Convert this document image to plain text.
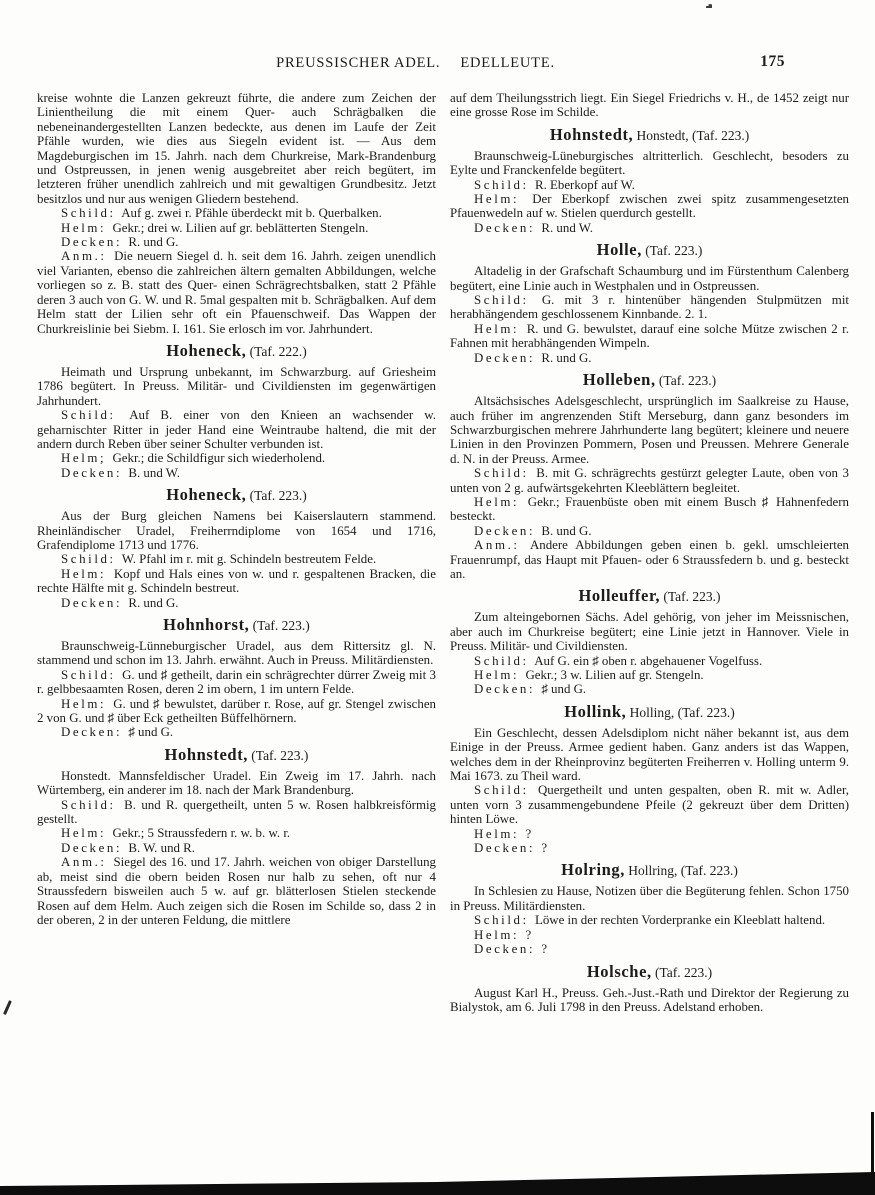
PREUSSISCHER ADEL. EDELLEUTE.	175

kreise wohnte die Lanzen gekreuzt führte, die andere zum Zeichen der Linientheilung die mit einem Quer- auch Schrägbalken die nebeneinandergestellten Lanzen bedeckte, aus denen im Laufe der Zeit Pfähle wurden, wie dies aus Siegeln evident ist. — Aus dem Magdeburgischen im 15. Jahrh. nach dem Churkreise, Mark-Brandenburg und Ostpreussen, in jenen wenig ausgebreitet aber reich begütert, im letzteren früher unendlich zahlreich und mit gewaltigen Grundbesitz. Jetzt besitzlos und nur aus wenigen Gliedern bestehend.

Schild: Auf g. zwei r. Pfähle überdeckt mit b. Querbalken.

Helm: Gekr.; drei w. Lilien auf gr. beblätterten Stengeln.

Decken: R. und G.

Anm.: Die neuern Siegel d. h. seit dem 16. Jahrh. zeigen unendlich viel Varianten, ebenso die zahlreichen ältern gemalten Abbildungen, welche vorliegen so z. B. statt des Quer- einen Schrägrechtsbalken, statt 2 Pfähle deren 3 auch von G. W. und R. 5mal gespalten mit b. Schrägbalken. Auf dem Helm statt der Lilien sehr oft ein Pfauenschweif. Das Wappen der Churkreislinie bei Siebm. I. 161. Sie erlosch im vor. Jahrhundert.

Hoheneck, (Taf. 222.)

Heimath und Ursprung unbekannt, im Schwarzburg. auf Griesheim 1786 begütert. In Preuss. Militär- und Civildiensten im gegenwärtigen Jahrhundert.

Schild: Auf B. einer von den Knieen an wachsender w. geharnischter Ritter in jeder Hand eine Weintraube haltend, die mit der andern durch Reben über seiner Schulter verbunden ist.

Helm; Gekr.; die Schildfigur sich wiederholend.

Decken: B. und W.

Hoheneck, (Taf. 223.)

Aus der Burg gleichen Namens bei Kaiserslautern stammend. Rheinländischer Uradel, Freiherrndiplome von 1654 und 1716, Grafendiplome 1713 und 1776.

Schild: W. Pfahl im r. mit g. Schindeln bestreutem Felde.

Helm: Kopf und Hals eines von w. und r. gespaltenen Bracken, die rechte Hälfte mit g. Schindeln bestreut.

Decken: R. und G.

Hohnhorst, (Taf. 223.)

Braunschweig-Lünneburgischer Uradel, aus dem Rittersitz gl. N. stammend und schon im 13. Jahrh. erwähnt. Auch in Preuss. Militärdiensten.

Schild: G. und ♯ getheilt, darin ein schrägrechter dürrer Zweig mit 3 r. gelbbesaamten Rosen, deren 2 im obern, 1 im untern Felde.

Helm: G. und ♯ bewulstet, darüber r. Rose, auf gr. Stengel zwischen 2 von G. und ♯ über Eck getheilten Büffelhörnern.

Decken: ♯ und G.

Hohnstedt, (Taf. 223.)

Honstedt. Mannsfeldischer Uradel. Ein Zweig im 17. Jahrh. nach Würtemberg, ein anderer im 18. nach der Mark Brandenburg.

Schild: B. und R. quergetheilt, unten 5 w. Rosen halbkreisförmig gestellt.

Helm: Gekr.; 5 Straussfedern r. w. b. w. r.

Decken: B. W. und R.

Anm.: Siegel des 16. und 17. Jahrh. weichen von obiger Darstellung ab, meist sind die obern beiden Rosen nur halb zu sehen, oft nur 4 Straussfedern bisweilen auch 5 w. auf gr. blätterlosen Stielen steckende Rosen auf dem Helm. Auch zeigen sich die Rosen im Schilde so, dass 2 in der oberen, 2 in der unteren Feldung, die mittlere

auf dem Theilungsstrich liegt. Ein Siegel Friedrichs v. H., de 1452 zeigt nur eine grosse Rose im Schilde.

Hohnstedt, Honstedt, (Taf. 223.)

Braunschweig-Lüneburgisches altritterlich. Geschlecht, besoders zu Eylte und Franckenfelde begütert.

Schild: R. Eberkopf auf W.

Helm: Der Eberkopf zwischen zwei spitz zusammengesetzten Pfauenwedeln auf w. Stielen querdurch gestellt.

Decken: R. und W.

Holle, (Taf. 223.)

Altadelig in der Grafschaft Schaumburg und im Fürstenthum Calenberg begütert, eine Linie auch in Westphalen und in Ostpreussen.

Schild: G. mit 3 r. hintenüber hängenden Stulpmützen mit herabhängendem geschlossenem Kinnbande. 2. 1.

Helm: R. und G. bewulstet, darauf eine solche Mütze zwischen 2 r. Fahnen mit herabhängenden Wimpeln.

Decken: R. und G.

Holleben, (Taf. 223.)

Altsächsisches Adelsgeschlecht, ursprünglich im Saalkreise zu Hause, auch früher im angrenzenden Stift Merseburg, dann ganz besonders im Schwarzburgischen mehrere Jahrhunderte lang begütert; kleinere und neuere Linien in den Provinzen Pommern, Posen und Preussen. Mehrere Generale d. N. in der Preuss. Armee.

Schild: B. mit G. schrägrechts gestürzt gelegter Laute, oben von 3 unten von 2 g. aufwärtsgekehrten Kleeblättern begleitet.

Helm: Gekr.; Frauenbüste oben mit einem Busch ♯ Hahnenfedern besteckt.

Decken: B. und G.

Anm.: Andere Abbildungen geben einen b. gekl. umschleierten Frauenrumpf, das Haupt mit Pfauen- oder 6 Straussfedern b. und g. besteckt an.

Holleuffer, (Taf. 223.)

Zum alteingebornen Sächs. Adel gehörig, von jeher im Meissnischen, aber auch im Churkreise begütert; eine Linie jetzt in Hannover. Viele in Preuss. Militär- und Civildiensten.

Schild: Auf G. ein ♯ oben r. abgehauener Vogelfuss.

Helm: Gekr.; 3 w. Lilien auf gr. Stengeln.

Decken: ♯ und G.

Hollink, Holling, (Taf. 223.)

Ein Geschlecht, dessen Adelsdiplom nicht näher bekannt ist, aus dem Einige in der Preuss. Armee gedient haben. Ganz anders ist das Wappen, welches dem in der Rheinprovinz begüterten Freiherren v. Holling unterm 9. Mai 1673. zu Theil ward.

Schild: Quergetheilt und unten gespalten, oben R. mit w. Adler, unten vorn 3 zusammengebundene Pfeile (2 gekreuzt über dem Dritten) hinten Löwe.

Helm: ?

Decken: ?

Holring, Hollring, (Taf. 223.)

In Schlesien zu Hause, Notizen über die Begüterung fehlen. Schon 1750 in Preuss. Militärdiensten.

Schild: Löwe in der rechten Vorderpranke ein Kleeblatt haltend.

Helm: ?

Decken: ?

Holsche, (Taf. 223.)

August Karl H., Preuss. Geh.-Just.-Rath und Direktor der Regierung zu Bialystok, am 6. Juli 1798 in den Preuss. Adelstand erhoben.
